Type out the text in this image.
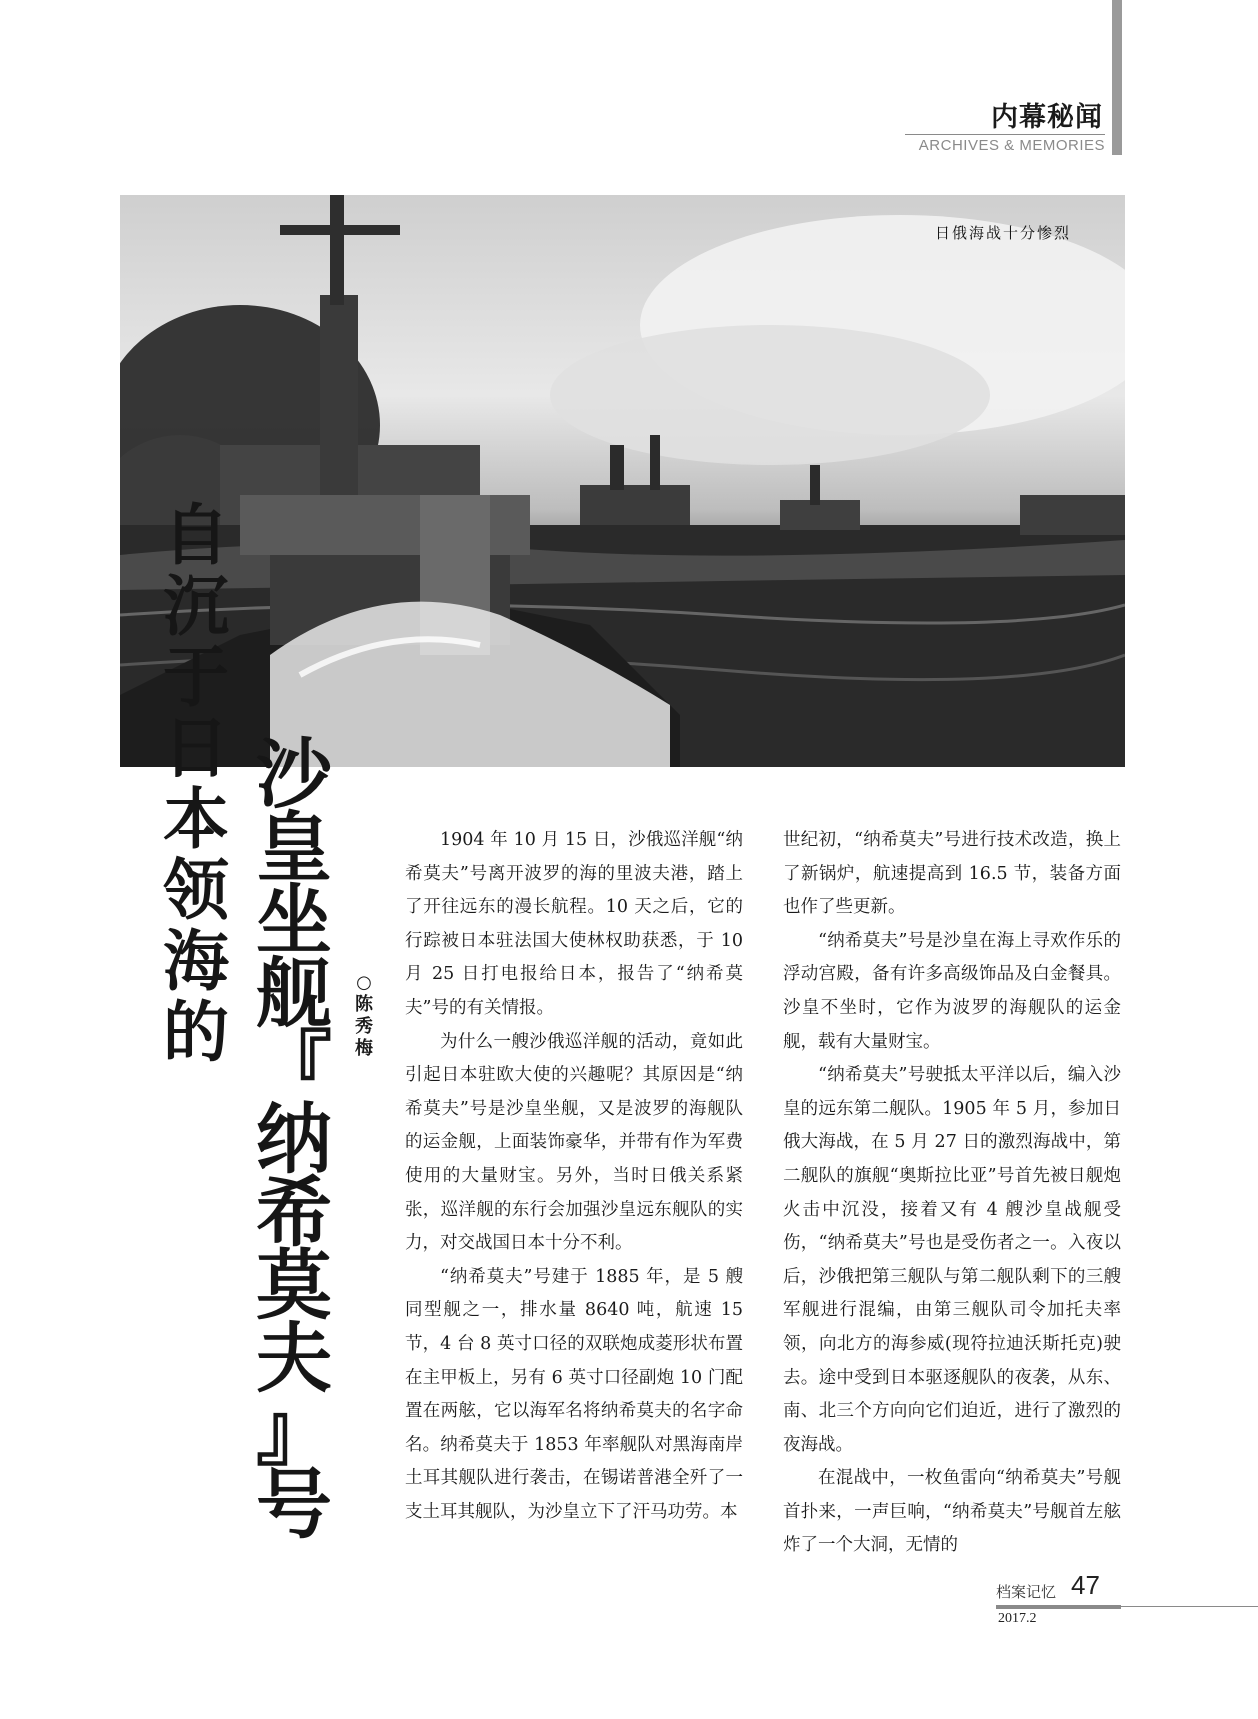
内幕秘闻
ARCHIVES & MEMORIES
日俄海战十分惨烈
自
沉
于
日
本
领
海
的
沙
皇
坐
舰
『
纳
希
莫
夫
』
号
○
陈
秀
梅

1904 年 10 月 15 日，沙俄巡洋舰“纳希莫夫”号离开波罗的海的里波夫港，踏上了开往远东的漫长航程。10 天之后，它的行踪被日本驻法国大使林权助获悉，于 10 月 25 日打电报给日本，报告了“纳希莫夫”号的有关情报。

为什么一艘沙俄巡洋舰的活动，竟如此引起日本驻欧大使的兴趣呢？其原因是“纳希莫夫”号是沙皇坐舰，又是波罗的海舰队的运金舰，上面装饰豪华，并带有作为军费使用的大量财宝。另外，当时日俄关系紧张，巡洋舰的东行会加强沙皇远东舰队的实力，对交战国日本十分不利。

“纳希莫夫”号建于 1885 年，是 5 艘同型舰之一，排水量 8640 吨，航速 15 节，4 台 8 英寸口径的双联炮成菱形状布置在主甲板上，另有 6 英寸口径副炮 10 门配置在两舷，它以海军名将纳希莫夫的名字命名。纳希莫夫于 1853 年率舰队对黑海南岸土耳其舰队进行袭击，在锡诺普港全歼了一支土耳其舰队，为沙皇立下了汗马功劳。本

世纪初，“纳希莫夫”号进行技术改造，换上了新锅炉，航速提高到 16.5 节，装备方面也作了些更新。

“纳希莫夫”号是沙皇在海上寻欢作乐的浮动宫殿，备有许多高级饰品及白金餐具。沙皇不坐时，它作为波罗的海舰队的运金舰，载有大量财宝。

“纳希莫夫”号驶抵太平洋以后，编入沙皇的远东第二舰队。1905 年 5 月，参加日俄大海战，在 5 月 27 日的激烈海战中，第二舰队的旗舰“奥斯拉比亚”号首先被日舰炮火击中沉没，接着又有 4 艘沙皇战舰受伤，“纳希莫夫”号也是受伤者之一。入夜以后，沙俄把第三舰队与第二舰队剩下的三艘军舰进行混编，由第三舰队司令加托夫率领，向北方的海参威(现符拉迪沃斯托克)驶去。途中受到日本驱逐舰队的夜袭，从东、南、北三个方向向它们迫近，进行了激烈的夜海战。

在混战中，一枚鱼雷向“纳希莫夫”号舰首扑来，一声巨响，“纳希莫夫”号舰首左舷炸了一个大洞，无情的

档案记忆 47
2017.2
